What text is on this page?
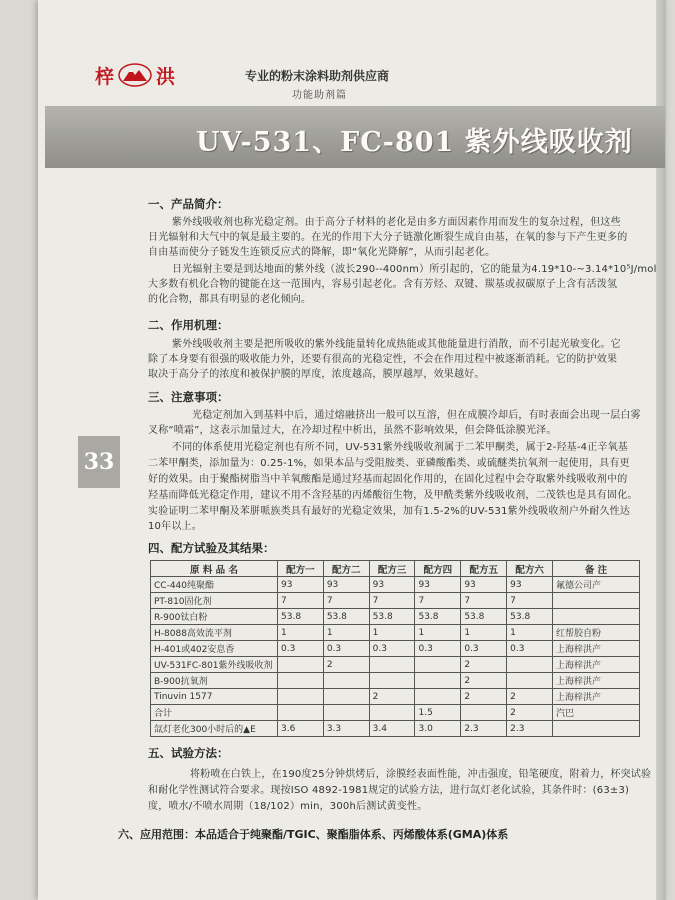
梓 洪	专业的粉末涂料助剂供应商
功能助剂篇
UV-531、FC-801 紫外线吸收剂
33
一、产品简介：
紫外线吸收剂也称光稳定剂。由于高分子材料的老化是由多方面因素作用而发生的复杂过程，但这些
日光辐射和大气中的氧是最主要的。在光的作用下大分子链激化断裂生成自由基，在氧的参与下产生更多的
自由基而使分子链发生连锁反应式的降解，即“氧化光降解”，从而引起老化。
日光辐射主要是到达地面的紫外线（波长290--400nm）所引起的，它的能量为4.19*10-~3.14*10⁵J/mol
大多数有机化合物的键能在这一范围内，容易引起老化。含有芳烃、双键、羰基或叔碳原子上含有活泼氢
的化合物，都具有明显的老化倾向。
二、作用机理：
紫外线吸收剂主要是把所吸收的紫外线能量转化成热能或其他能量进行消散，而不引起光敏变化。它
除了本身要有很强的吸收能力外，还要有很高的光稳定性，不会在作用过程中被逐渐消耗。它的防护效果
取决于高分子的浓度和被保护膜的厚度，浓度越高，膜厚越厚，效果越好。
三、注意事项：
光稳定剂加入到基料中后，通过熔融挤出一般可以互溶，但在成膜冷却后，有时表面会出现一层白雾
叉称“喷霜”，这表示加量过大，在冷却过程中析出，虽然不影响效果，但会降低涂膜光泽。
不同的体系使用光稳定剂也有所不同，UV-531紫外线吸收剂属于二苯甲酮类，属于2-羟基-4正辛氧基
二苯甲酮类，添加量为：0.25-1%，如果本品与受阻胺类、亚磷酸酯类、或硫醚类抗氧剂一起使用，具有更
好的效果。由于聚酯树脂当中羊氧酸酯是通过羟基而起固化作用的，在固化过程中会夺取紫外线吸收剂中的
羟基而降低光稳定作用，建议不用不含羟基的丙烯酸衍生物，及甲酰类紫外线吸收剂，二茂铁也是具有固化。
实验证明二苯甲酮及苯胼哌族类具有最好的光稳定效果，加有1.5-2%的UV-531紫外线吸收剂户外耐久性达
10年以上。
四、配方试验及其结果：
原 料 品 名	配方一	配方二	配方三	配方四	配方五	配方六	备 注
CC-440纯聚酯	93	93	93	93	93	93	氟德公司产
PT-810固化剂	7	7	7	7	7	7	
R-900钛白粉	53.8	53.8	53.8	53.8	53.8	53.8	
H-8088高效流平剂	1	1	1	1	1	1	红帮胶自粉
H-401或402安息香	0.3	0.3	0.3	0.3	0.3	0.3	上海梓洪产
UV-531FC-801紫外线吸收剂		2			2		上海梓洪产
B-900抗氧剂					2		上海梓洪产
Tinuvin 1577			2		2	2	上海梓洪产
合计				1.5		2	汽巴
氙灯老化300小时后的▲E	3.6	3.3	3.4	3.0	2.3	2.3	
五、试验方法：
将粉喷在白铁上，在190度25分钟烘烤后，涂膜经表面性能，冲击强度，铅笔硬度，附着力，杯突试验
和耐化学性测试符合要求。现按ISO 4892-1981规定的试验方法，进行氙灯老化试验，其条件时：(63±3)
度，喷水/不喷水周期（18/102）min，300h后测试黄变性。
六、应用范围：本品适合于纯聚酯/TGIC、聚酯脂体系、丙烯酸体系(GMA)体系
